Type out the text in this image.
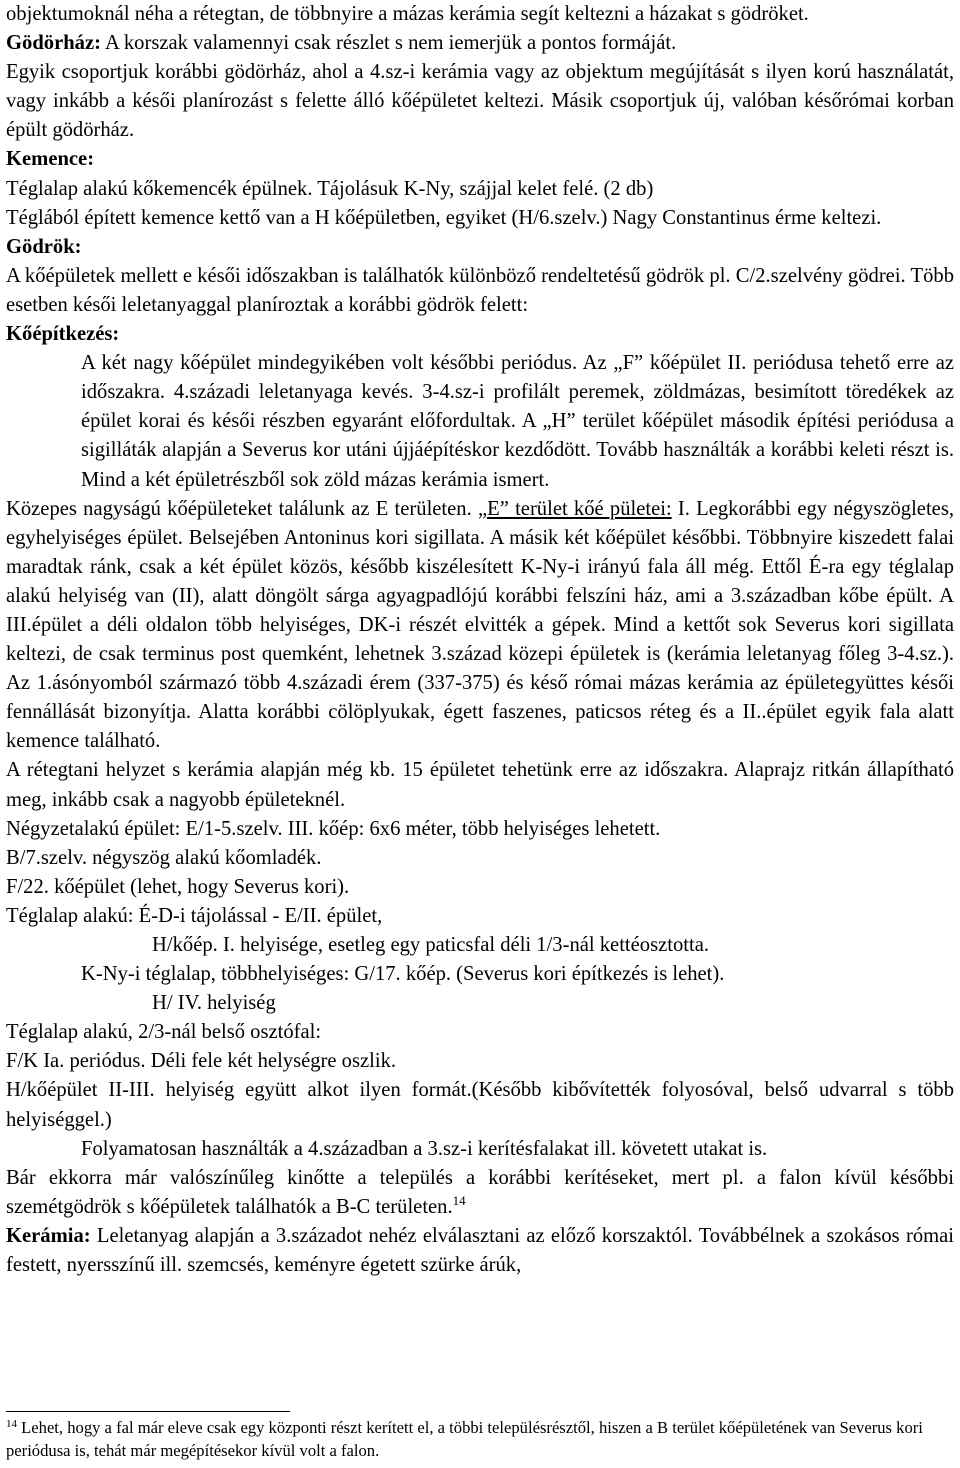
objektumoknál néha a rétegtan, de többnyire a mázas kerámia segít keltezni a házakat s gödröket.

Gödörház: A korszak valamennyi csak részlet s nem iemerjük a pontos formáját.

Egyik csoportjuk korábbi gödörház, ahol a 4.sz-i kerámia vagy az objektum megújítását s ilyen korú használatát, vagy inkább a késői planírozást s felette álló kőépületet keltezi. Másik csoportjuk új, valóban későrómai korban épült gödörház.

Kemence:

Téglalap alakú kőkemencék épülnek. Tájolásuk K-Ny, szájjal kelet felé. (2 db)

Téglából épített kemence kettő van a H kőépületben, egyiket (H/6.szelv.) Nagy Constantinus érme keltezi.

Gödrök:

A kőépületek mellett e késői időszakban is találhatók különböző rendeltetésű gödrök pl. C/2.szelvény gödrei. Több esetben késői leletanyaggal planíroztak a korábbi gödrök felett:

Kőépítkezés:

A két nagy kőépület mindegyikében volt későbbi periódus. Az „F” kőépület II. periódusa tehető erre az időszakra. 4.századi leletanyaga kevés. 3-4.sz-i profilált peremek, zöldmázas, besimított töredékek az épület korai és késői részben egyaránt előfordultak. A „H” terület kőépület második építési periódusa a sigilláták alapján a Severus kor utáni újjáépítéskor kezdődött. Tovább használták a korábbi keleti részt is. Mind a két épületrészből sok zöld mázas kerámia ismert.

Közepes nagyságú kőépületeket találunk az E területen. „E” terület kőé pületei: I. Legkorábbi egy négyszögletes, egyhelyiséges épület. Belsejében Antoninus kori sigillata. A másik két kőépület későbbi. Többnyire kiszedett falai maradtak ránk, csak a két épület közös, később kiszélesített K-Ny-i irányú fala áll még. Ettől É-ra egy téglalap alakú helyiség van (II), alatt döngölt sárga agyagpadlójú korábbi felszíni ház, ami a 3.században kőbe épült. A III.épület a déli oldalon több helyiséges, DK-i részét elvitték a gépek. Mind a kettőt sok Severus kori sigillata keltezi, de csak terminus post quemként, lehetnek 3.század közepi épületek is (kerámia leletanyag főleg 3-4.sz.). Az 1.ásónyomból származó több 4.századi érem (337-375) és késő római mázas kerámia az épületegyüttes késői fennállását bizonyítja. Alatta korábbi cölöplyukak, égett faszenes, paticsos réteg és a II..épület egyik fala alatt kemence található.

A rétegtani helyzet s kerámia alapján még kb. 15 épületet tehetünk erre az időszakra. Alaprajz ritkán állapítható meg, inkább csak a nagyobb épületeknél.

Négyzetalakú épület: E/1-5.szelv. III. kőép: 6x6 méter, több helyiséges lehetett.

B/7.szelv. négyszög alakú kőomladék.

F/22. kőépület (lehet, hogy Severus kori).

Téglalap alakú: É-D-i tájolással - E/II. épület,

H/kőép. I. helyisége, esetleg egy paticsfal déli 1/3-nál kettéosztotta.

K-Ny-i téglalap, többhelyiséges: G/17. kőép. (Severus kori építkezés is lehet).

H/ IV. helyiség

Téglalap alakú, 2/3-nál belső osztófal:

F/K Ia. periódus. Déli fele két helységre oszlik.

H/kőépület II-III. helyiség együtt alkot ilyen formát.(Később kibővítették folyosóval, belső udvarral s több helyiséggel.)

Folyamatosan használták a 4.században a 3.sz-i kerítésfalakat ill. követett utakat is.

Bár ekkorra már valószínűleg kinőtte a település a korábbi kerítéseket, mert pl. a falon kívül későbbi szemétgödrök s kőépületek találhatók a B-C területen.$^{14}$

Kerámia: Leletanyag alapján a 3.századot nehéz elválasztani az előző korszaktól. Továbbélnek a szokásos római festett, nyersszínű ill. szemcsés, keményre égetett szürke árúk,

$^{14}$ Lehet, hogy a fal már eleve csak egy központi részt kerített el, a többi településrésztől, hiszen a B terület kőépületének van Severus kori periódusa is, tehát már megépítésekor kívül volt a falon.
